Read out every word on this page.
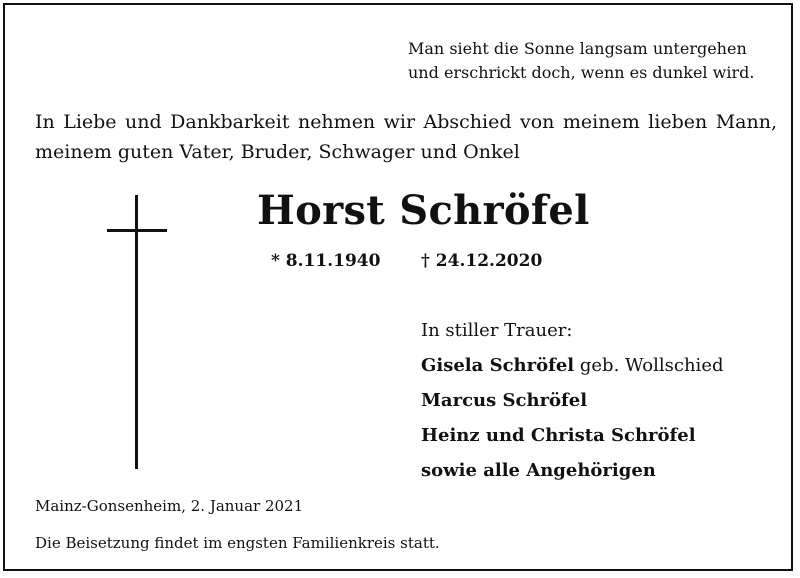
Man sieht die Sonne langsam untergehen
und erschrickt doch, wenn es dunkel wird.
In Liebe und Dankbarkeit nehmen wir Abschied von meinem lieben Mann, meinem guten Vater, Bruder, Schwager und Onkel
Horst Schröfel
* 8.11.1940 † 24.12.2020
In stiller Trauer:
Gisela Schröfel geb. Wollschied
Marcus Schröfel
Heinz und Christa Schröfel
sowie alle Angehörigen
Mainz-Gonsenheim, 2. Januar 2021
Die Beisetzung findet im engsten Familienkreis statt.
